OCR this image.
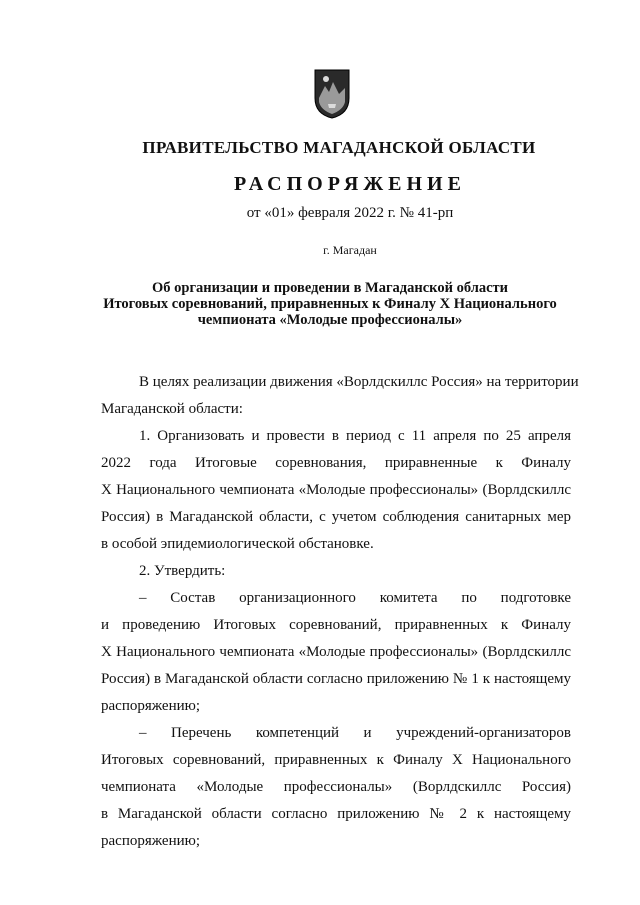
ПРАВИТЕЛЬСТВО МАГАДАНСКОЙ ОБЛАСТИ
РАСПОРЯЖЕНИЕ
от «01» февраля 2022 г. № 41-рп
г. Магадан
Об организации и проведении в Магаданской области
Итоговых соревнований, приравненных к Финалу X Национального
чемпионата «Молодые профессионалы»
В целях реализации движения «Ворлдскиллс Россия» на территории
Магаданской области:
1. Организовать и провести в период с 11 апреля по 25 апреля
2022 года Итоговые соревнования, приравненные к Финалу
X Национального чемпионата «Молодые профессионалы» (Ворлдскиллс
Россия) в Магаданской области, с учетом соблюдения санитарных мер
в особой эпидемиологической обстановке.
2. Утвердить:
– Состав организационного комитета по подготовке
и проведению Итоговых соревнований, приравненных к Финалу
X Национального чемпионата «Молодые профессионалы» (Ворлдскиллс
Россия) в Магаданской области согласно приложению № 1 к настоящему
распоряжению;
– Перечень компетенций и учреждений-организаторов
Итоговых соревнований, приравненных к Финалу X Национального
чемпионата «Молодые профессионалы» (Ворлдскиллс Россия)
в Магаданской области согласно приложению № 2 к настоящему
распоряжению;
